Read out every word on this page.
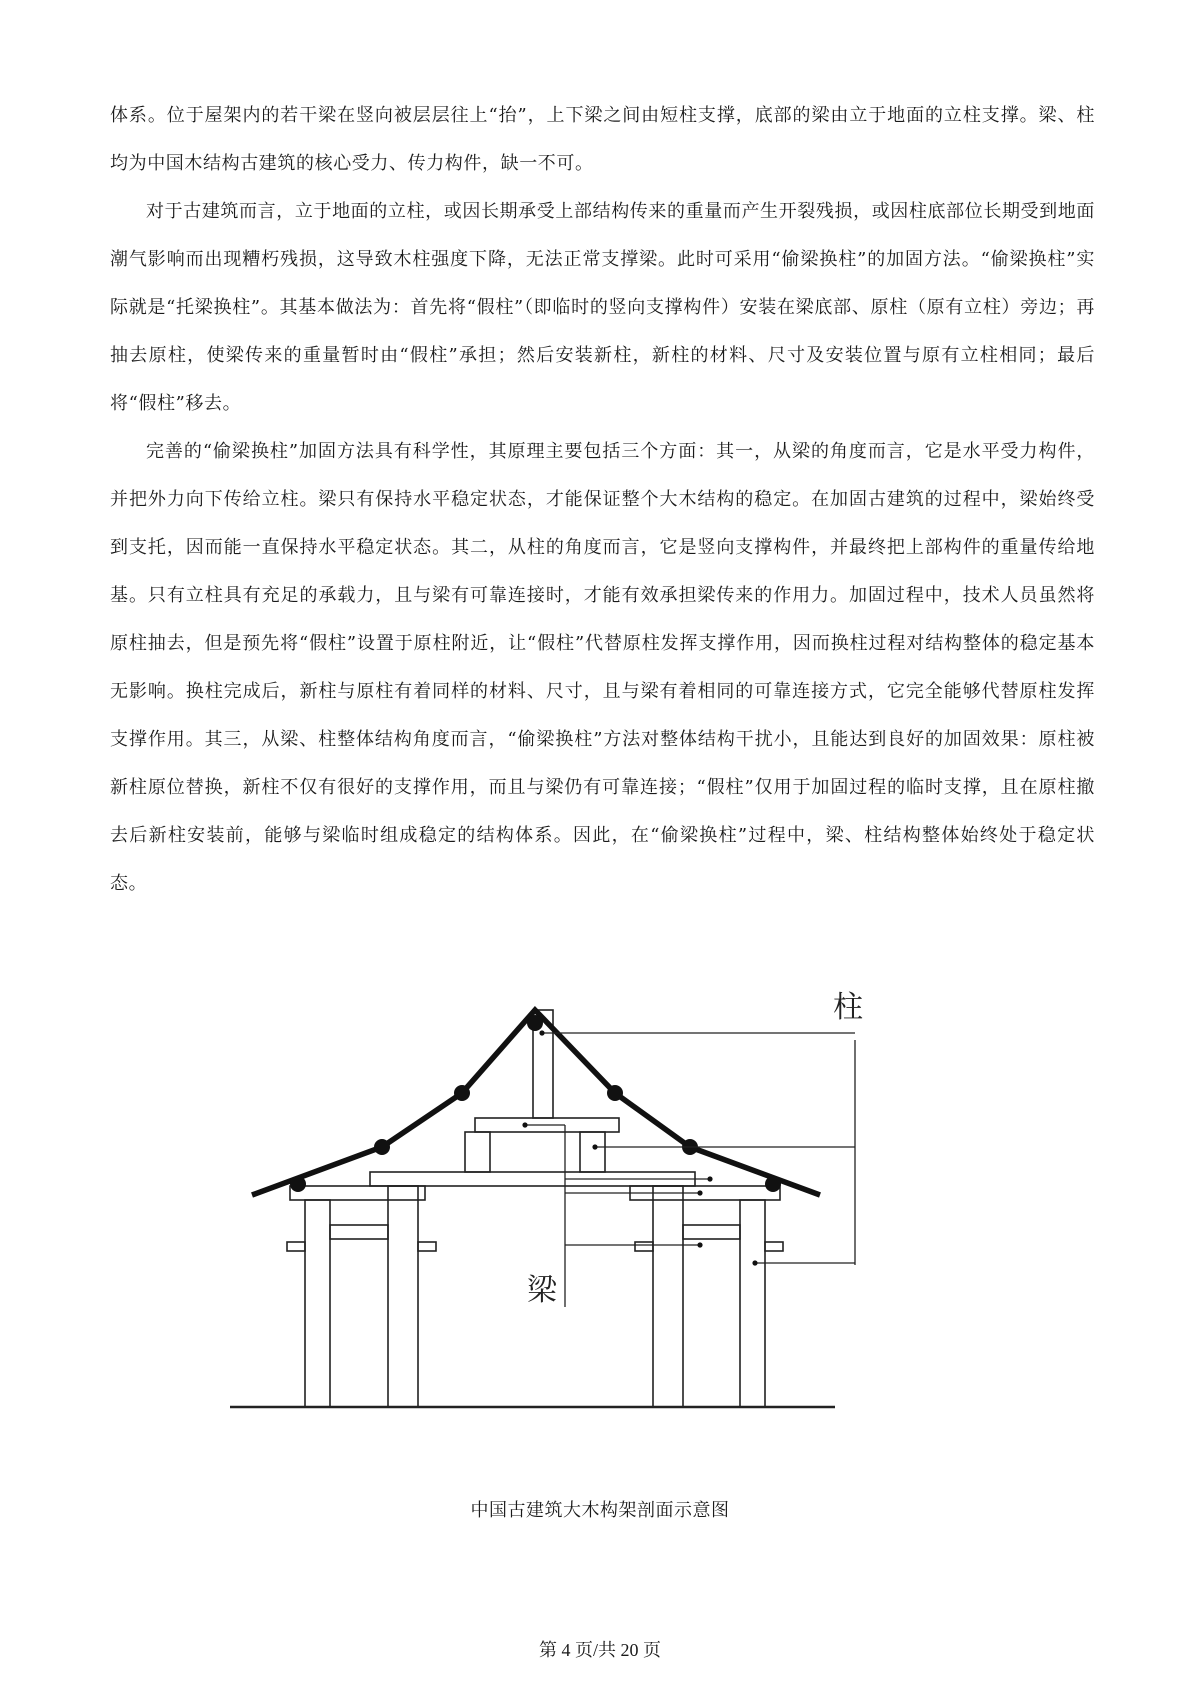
体系。位于屋架内的若干梁在竖向被层层往上“抬”，上下梁之间由短柱支撑，底部的梁由立于地面的立柱支撑。梁、柱均为中国木结构古建筑的核心受力、传力构件，缺一不可。

对于古建筑而言，立于地面的立柱，或因长期承受上部结构传来的重量而产生开裂残损，或因柱底部位长期受到地面潮气影响而出现糟朽残损，这导致木柱强度下降，无法正常支撑梁。此时可采用“偷梁换柱”的加固方法。“偷梁换柱”实际就是“托梁换柱”。其基本做法为：首先将“假柱”（即临时的竖向支撑构件）安装在梁底部、原柱（原有立柱）旁边；再抽去原柱，使梁传来的重量暂时由“假柱”承担；然后安装新柱，新柱的材料、尺寸及安装位置与原有立柱相同；最后将“假柱”移去。

完善的“偷梁换柱”加固方法具有科学性，其原理主要包括三个方面：其一，从梁的角度而言，它是水平受力构件，并把外力向下传给立柱。梁只有保持水平稳定状态，才能保证整个大木结构的稳定。在加固古建筑的过程中，梁始终受到支托，因而能一直保持水平稳定状态。其二，从柱的角度而言，它是竖向支撑构件，并最终把上部构件的重量传给地基。只有立柱具有充足的承载力，且与梁有可靠连接时，才能有效承担梁传来的作用力。加固过程中，技术人员虽然将原柱抽去，但是预先将“假柱”设置于原柱附近，让“假柱”代替原柱发挥支撑作用，因而换柱过程对结构整体的稳定基本无影响。换柱完成后，新柱与原柱有着同样的材料、尺寸，且与梁有着相同的可靠连接方式，它完全能够代替原柱发挥支撑作用。其三，从梁、柱整体结构角度而言，“偷梁换柱”方法对整体结构干扰小，且能达到良好的加固效果：原柱被新柱原位替换，新柱不仅有很好的支撑作用，而且与梁仍有可靠连接；“假柱”仅用于加固过程的临时支撑，且在原柱撤去后新柱安装前，能够与梁临时组成稳定的结构体系。因此，在“偷梁换柱”过程中，梁、柱结构整体始终处于稳定状态。

柱
梁
中国古建筑大木构架剖面示意图
第 4 页/共 20 页
